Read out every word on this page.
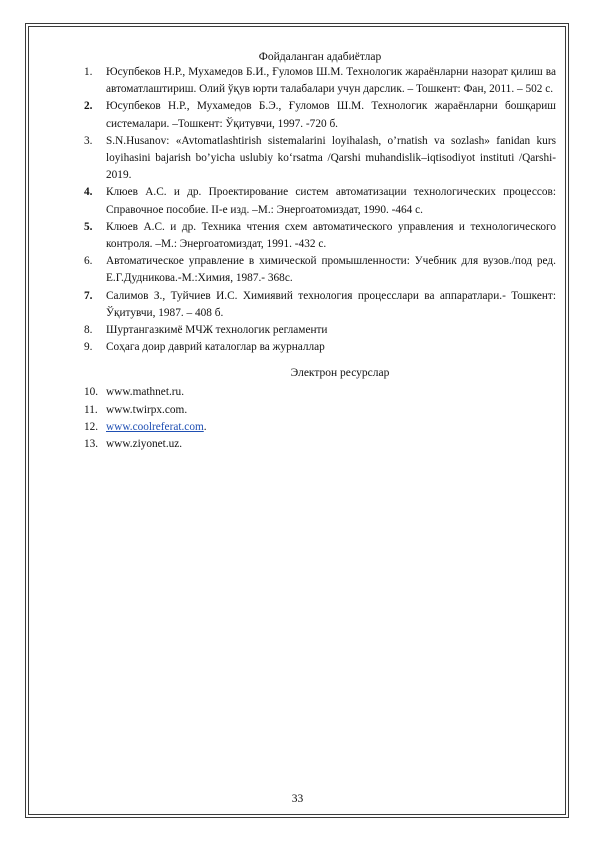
Фойдаланган адабиётлар

1.	Юсупбеков Н.Р., Мухамедов Б.И., Ғуломов Ш.М. Технологик жараёнларни назорат қилиш ва автоматлаштириш. Олий ўқув юрти талабалари учун дарслик. – Тошкент: Фан, 2011. – 502 с.
2.	Юсупбеков Н.Р., Мухамедов Б.Э., Ғуломов Ш.М. Технологик жараёнларни бошқариш системалари. –Тошкент: Ўқитувчи, 1997. -720 б.
3.	S.N.Husanov: «Avtomatlashtirish sistemalarini loyihalash, o’rnatish va sozlash» fanidan kurs loyihasini bajarish bo’yicha uslubiy ko‘rsatma /Qarshi muhandislik–iqtisodiyot instituti /Qarshi-2019.
4.	Клюев А.С. и др. Проектирование систем автоматизации технологических процессов: Справочное пособие. II-е изд. –М.: Энергоатомиздат, 1990. -464 с.
5.	Клюев А.С. и др. Техника чтения схем автоматического управления и технологического контроля. –М.: Энергоатомиздат, 1991. -432 с.
6.	Автоматическое управление в химической промышленности: Учебник для вузов./под ред. Е.Г.Дудникова.-М.:Химия, 1987.- 368с.
7.	Салимов З., Туйчиев И.С. Химиявий технология процесслари ва аппаратлари.- Тошкент: Ўқитувчи, 1987. – 408 б.
8.	Шуртангазкимё МЧЖ технологик регламенти
9.	Соҳага доир даврий каталоглар ва журналлар

Электрон ресурслар

10. www.mathnet.ru.
11. www.twirpx.com.
12. www.coolreferat.com.
13. www.ziyonet.uz.
33
